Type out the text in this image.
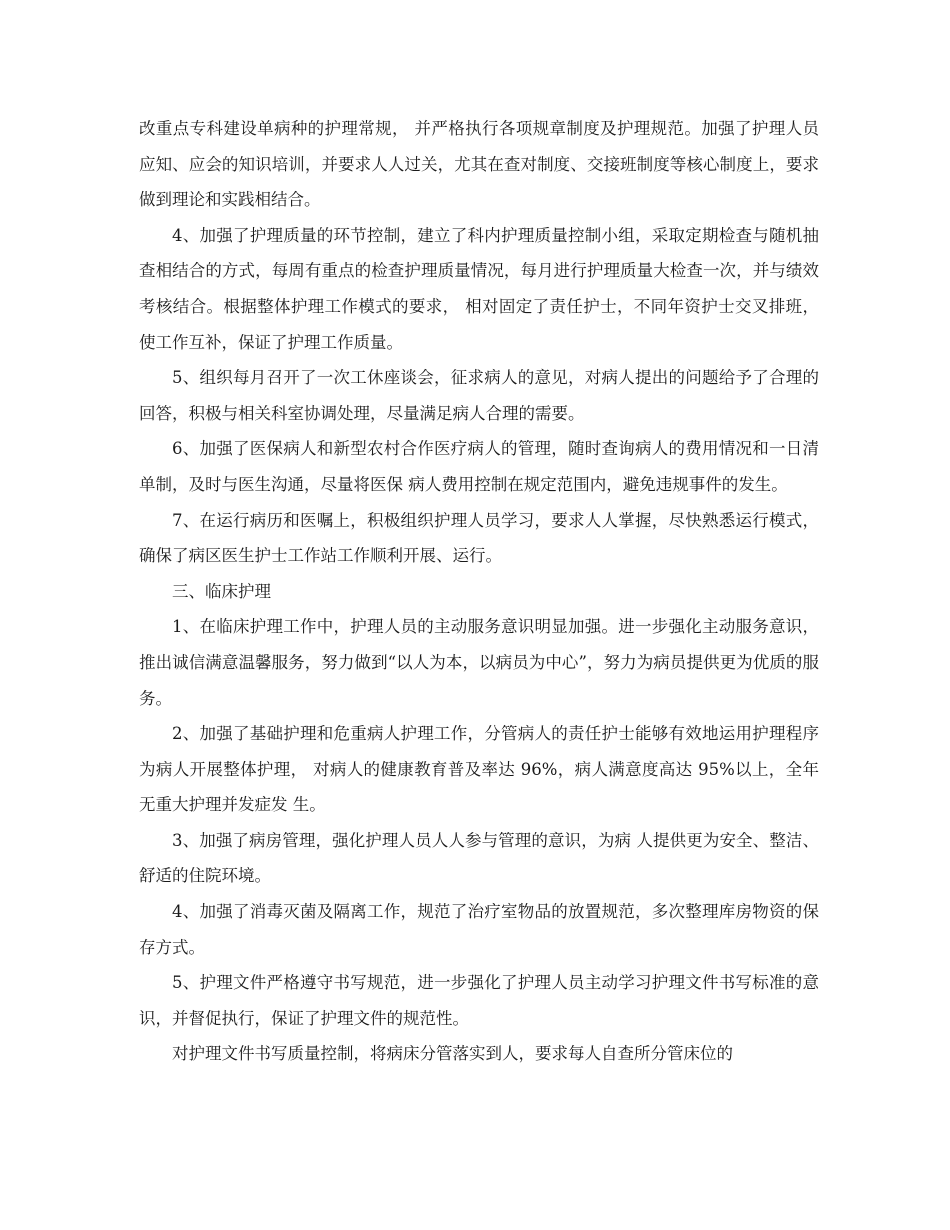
改重点专科建设单病种的护理常规， 并严格执行各项规章制度及护理规范。加强了护理人员应知、应会的知识培训，并要求人人过关，尤其在查对制度、交接班制度等核心制度上，要求做到理论和实践相结合。

4、加强了护理质量的环节控制，建立了科内护理质量控制小组，采取定期检查与随机抽查相结合的方式，每周有重点的检查护理质量情况，每月进行护理质量大检查一次，并与绩效考核结合。根据整体护理工作模式的要求， 相对固定了责任护士，不同年资护士交叉排班， 使工作互补，保证了护理工作质量。

5、组织每月召开了一次工休座谈会，征求病人的意见，对病人提出的问题给予了合理的回答，积极与相关科室协调处理，尽量满足病人合理的需要。

6、加强了医保病人和新型农村合作医疗病人的管理，随时查询病人的费用情况和一日清单制，及时与医生沟通，尽量将医保 病人费用控制在规定范围内，避免违规事件的发生。

7、在运行病历和医嘱上，积极组织护理人员学习，要求人人掌握，尽快熟悉运行模式，确保了病区医生护士工作站工作顺利开展、运行。

三、临床护理

1、在临床护理工作中，护理人员的主动服务意识明显加强。进一步强化主动服务意识，推出诚信满意温馨服务，努力做到“以人为本，以病员为中心”，努力为病员提供更为优质的服务。

2、加强了基础护理和危重病人护理工作，分管病人的责任护士能够有效地运用护理程序为病人开展整体护理， 对病人的健康教育普及率达 96%，病人满意度高达 95%以上，全年无重大护理并发症发 生。

3、加强了病房管理，强化护理人员人人参与管理的意识，为病 人提供更为安全、整洁、舒适的住院环境。

4、加强了消毒灭菌及隔离工作，规范了治疗室物品的放置规范，多次整理库房物资的保存方式。

5、护理文件严格遵守书写规范，进一步强化了护理人员主动学习护理文件书写标准的意识，并督促执行，保证了护理文件的规范性。

对护理文件书写质量控制，将病床分管落实到人，要求每人自查所分管床位的
